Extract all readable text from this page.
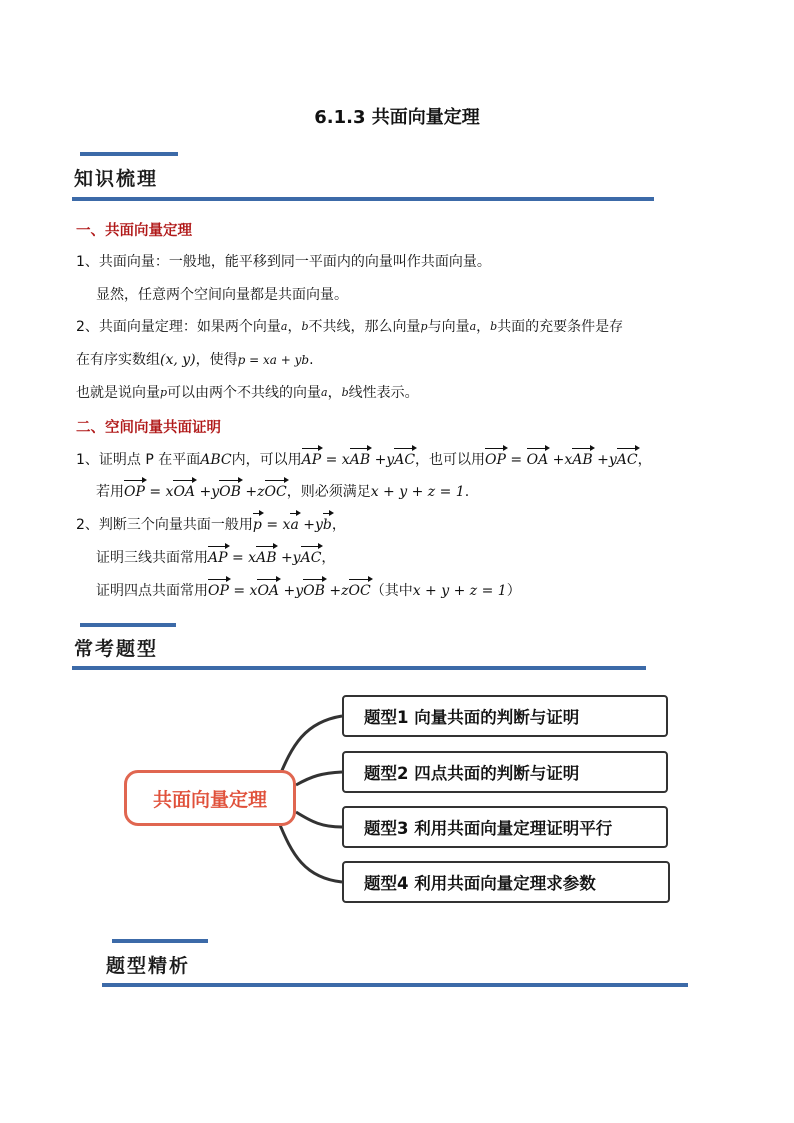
6.1.3 共面向量定理
知识梳理
一、共面向量定理
1、共面向量：一般地，能平移到同一平面内的向量叫作共面向量。
显然，任意两个空间向量都是共面向量。
2、共面向量定理：如果两个向量a，b不共线，那么向量p与向量a，b共面的充要条件是存
在有序实数组(x, y)，使得p = xa + yb.
也就是说向量p可以由两个不共线的向量a，b线性表示。
二、空间向量共面证明
1、证明点 P 在平面ABC内，可以用AP = xAB +yAC，也可以用OP = OA +xAB +yAC，
若用OP = xOA +yOB +zOC，则必须满足x + y + z = 1.
2、判断三个向量共面一般用p = xa +yb，
证明三线共面常用AP = xAB +yAC，
证明四点共面常用OP = xOA +yOB +zOC（其中x + y + z = 1）
常考题型
共面向量定理
题型1 向量共面的判断与证明
题型2 四点共面的判断与证明
题型3 利用共面向量定理证明平行
题型4 利用共面向量定理求参数
题型精析
